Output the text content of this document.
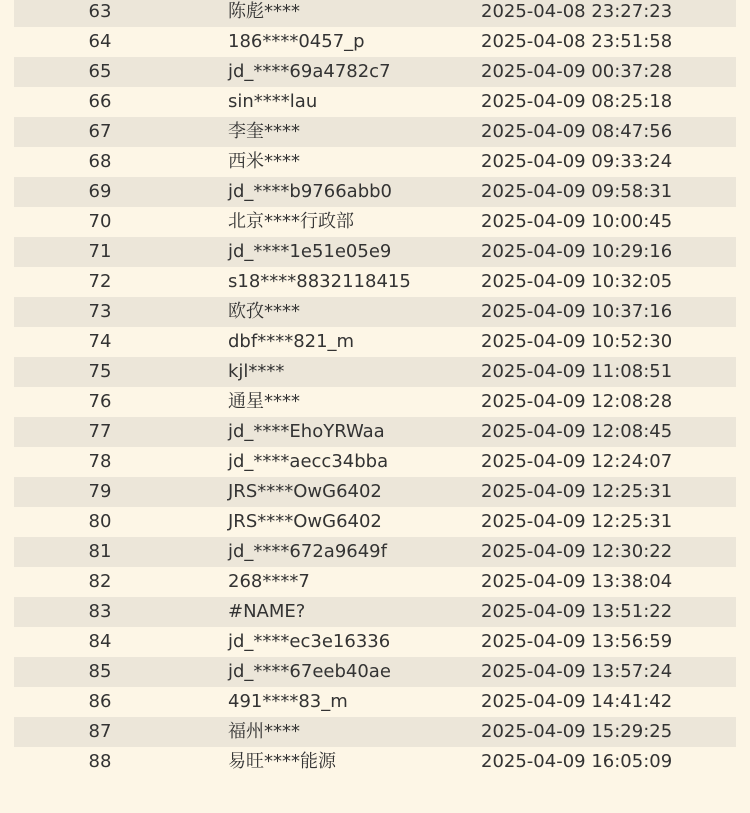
63	陈彪****	2025-04-08 23:27:23
64	186****0457_p	2025-04-08 23:51:58
65	jd_****69a4782c7	2025-04-09 00:37:28
66	sin****lau	2025-04-09 08:25:18
67	李奎****	2025-04-09 08:47:56
68	西米****	2025-04-09 09:33:24
69	jd_****b9766abb0	2025-04-09 09:58:31
70	北京****行政部	2025-04-09 10:00:45
71	jd_****1e51e05e9	2025-04-09 10:29:16
72	s18****8832118415	2025-04-09 10:32:05
73	欧孜****	2025-04-09 10:37:16
74	dbf****821_m	2025-04-09 10:52:30
75	kjl****	2025-04-09 11:08:51
76	通星****	2025-04-09 12:08:28
77	jd_****EhoYRWaa	2025-04-09 12:08:45
78	jd_****aecc34bba	2025-04-09 12:24:07
79	JRS****OwG6402	2025-04-09 12:25:31
80	JRS****OwG6402	2025-04-09 12:25:31
81	jd_****672a9649f	2025-04-09 12:30:22
82	268****7	2025-04-09 13:38:04
83	#NAME?	2025-04-09 13:51:22
84	jd_****ec3e16336	2025-04-09 13:56:59
85	jd_****67eeb40ae	2025-04-09 13:57:24
86	491****83_m	2025-04-09 14:41:42
87	福州****	2025-04-09 15:29:25
88	易旺****能源	2025-04-09 16:05:09
